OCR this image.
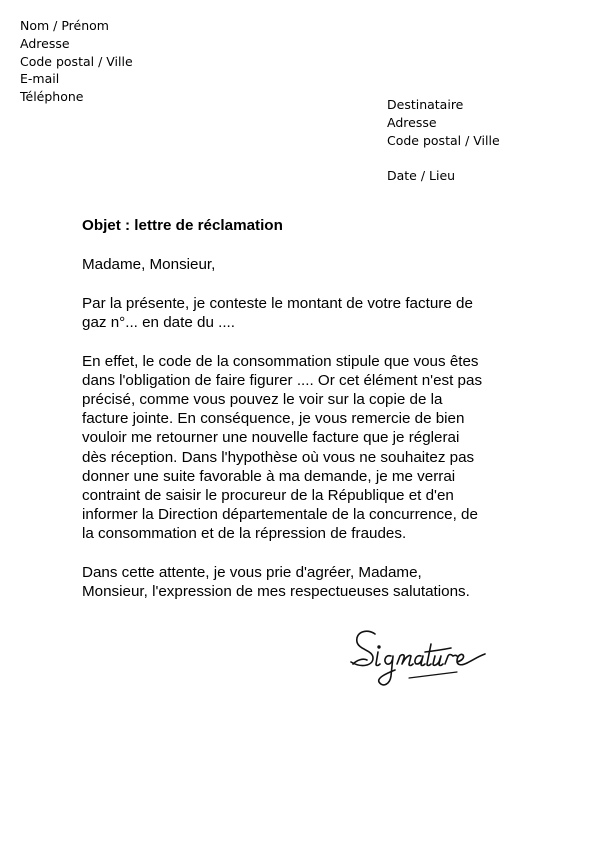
Nom / Prénom
Adresse
Code postal / Ville
E-mail
Téléphone
Destinataire
Adresse
Code postal / Ville
Date / Lieu
Objet : lettre de réclamation

Madame, Monsieur,

Par la présente, je conteste le montant de votre facture de
gaz n°... en date du ....

En effet, le code de la consommation stipule que vous êtes
dans l'obligation de faire figurer .... Or cet élément n'est pas
précisé, comme vous pouvez le voir sur la copie de la
facture jointe. En conséquence, je vous remercie de bien
vouloir me retourner une nouvelle facture que je réglerai
dès réception. Dans l'hypothèse où vous ne souhaitez pas
donner une suite favorable à ma demande, je me verrai
contraint de saisir le procureur de la République et d'en
informer la Direction départementale de la concurrence, de
la consommation et de la répression de fraudes.

Dans cette attente, je vous prie d'agréer, Madame,
Monsieur, l'expression de mes respectueuses salutations.
